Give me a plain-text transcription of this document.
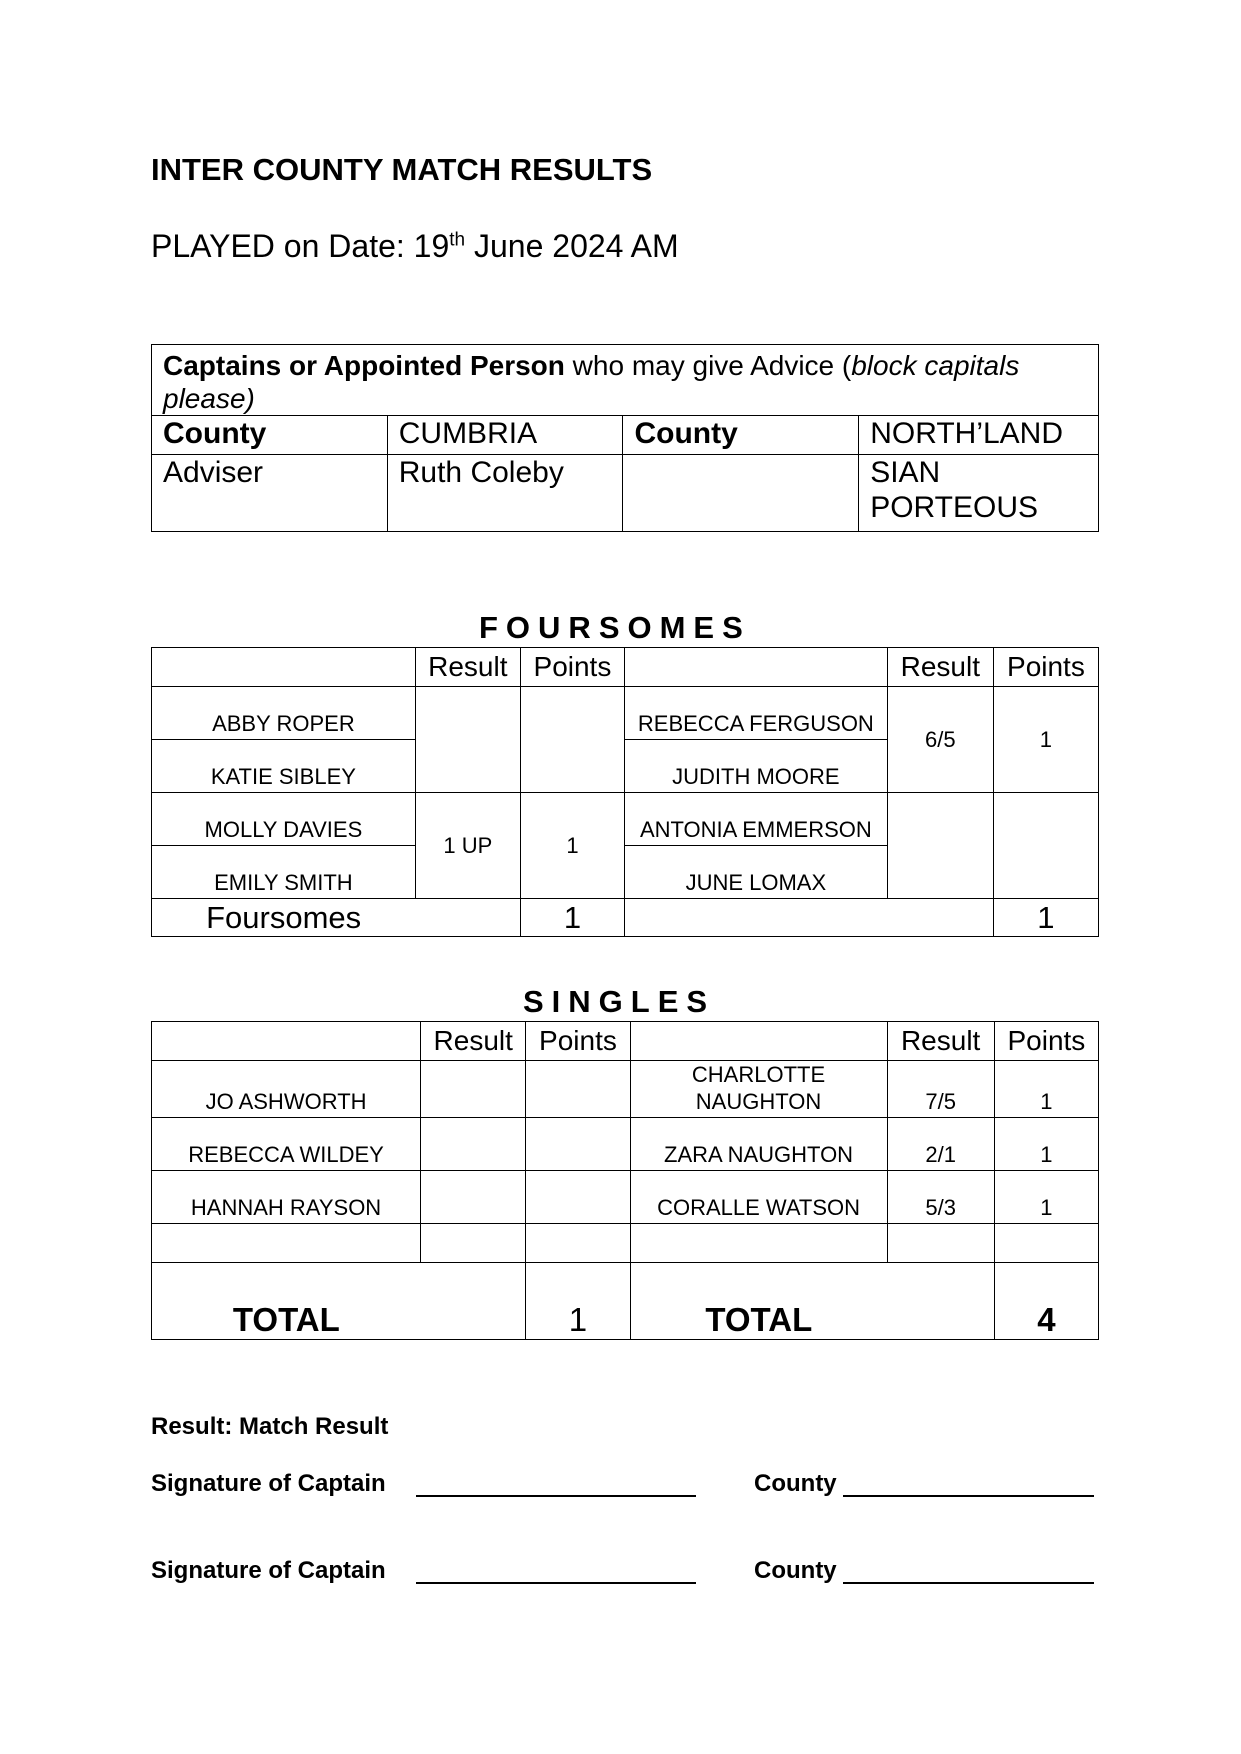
INTER COUNTY MATCH RESULTS
PLAYED on Date: 19th June 2024 AM
Captains or Appointed Person who may give Advice (block capitals please)			
County	CUMBRIA	County	NORTH’LAND
Adviser	Ruth Coleby		SIAN PORTEOUS
FOURSOMES
	Result	Points		Result	Points
ABBY ROPER			REBECCA FERGUSON	6/5	1
KATIE SIBLEY			JUDITH MOORE		
MOLLY DAVIES	1 UP	1	ANTONIA EMMERSON		
EMILY SMITH			JUNE LOMAX		
Foursomes		1			1
SINGLES
	Result	Points		Result	Points
JO ASHWORTH			CHARLOTTE NAUGHTON	7/5	1
REBECCA WILDEY			ZARA NAUGHTON	2/1	1
HANNAH RAYSON			CORALLE WATSON	5/3	1

TOTAL		1	TOTAL		4
Result: Match Result
Signature of Captain	County
Signature of Captain	County
